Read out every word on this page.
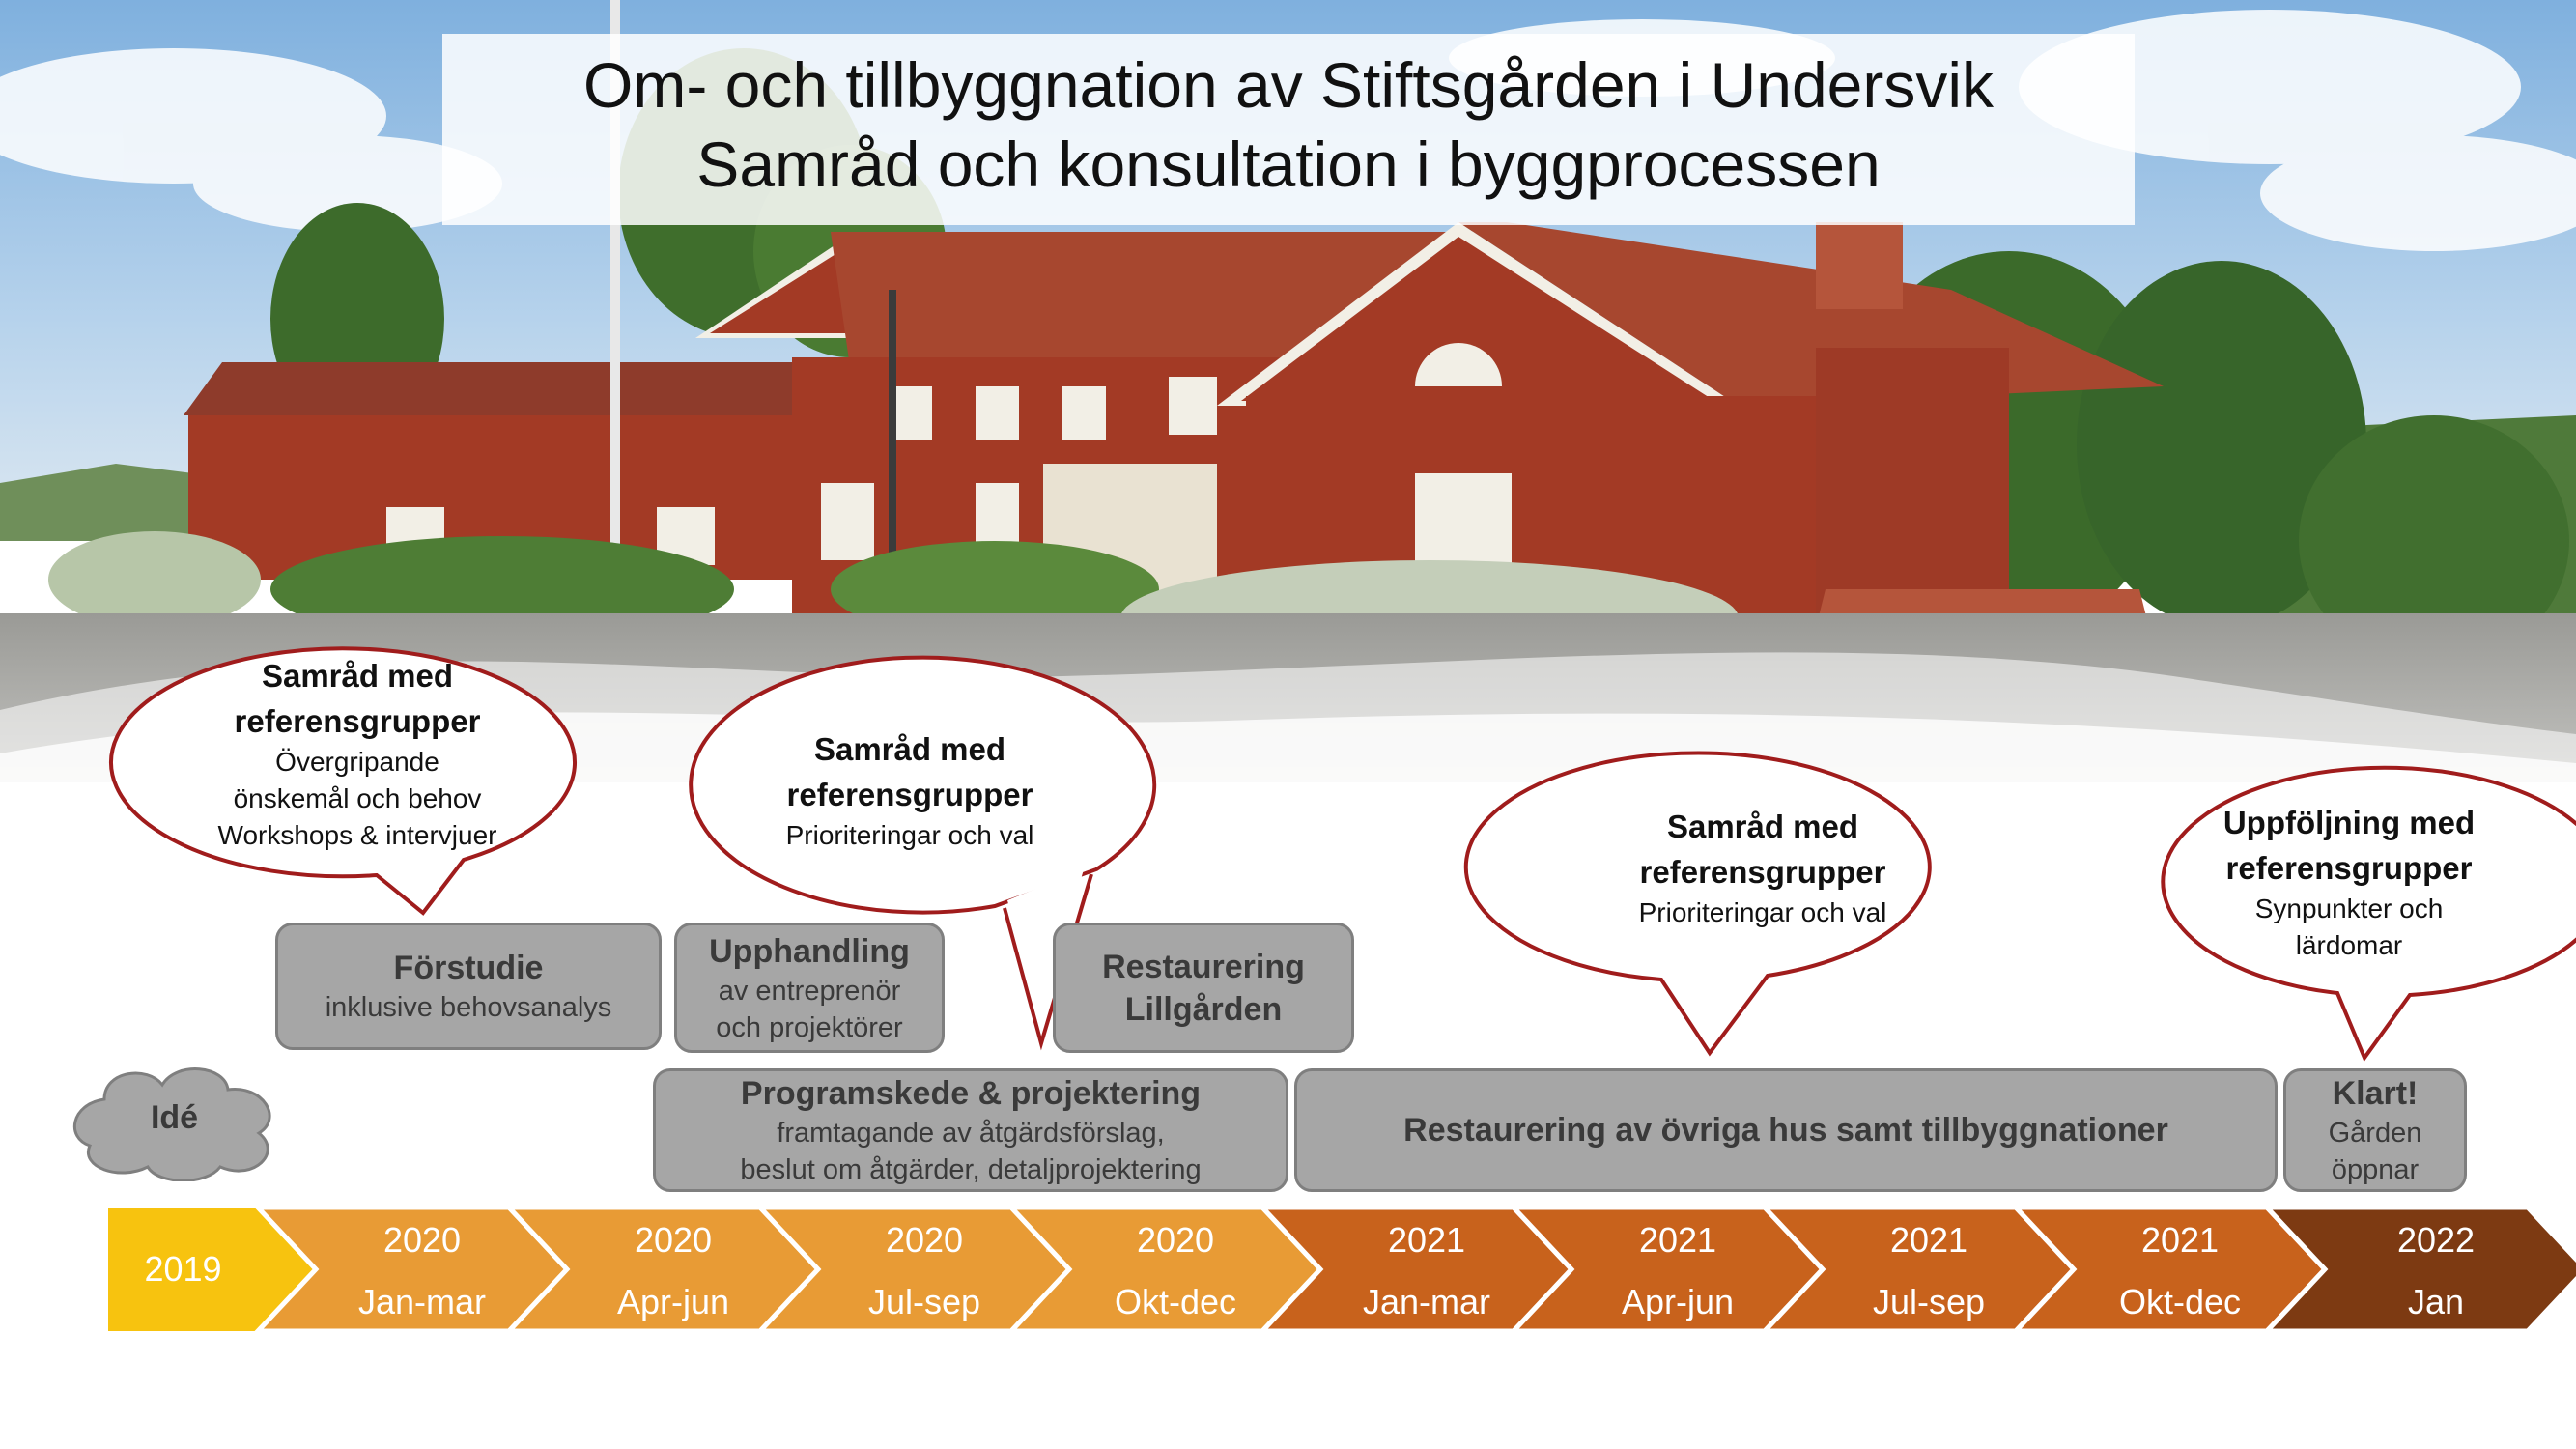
Om- och tillbyggnation av Stiftsgården i Undersvik
Samråd och konsultation i byggprocessen
Samråd med
referensgrupper
Övergripande
önskemål och behov
Workshops & intervjuer
Samråd med
referensgrupper
Prioriteringar och val	Samråd med
referensgrupper
Prioriteringar och val
Uppföljning med
referensgrupper
Synpunkter och
lärdomar
Idé
Förstudie
inklusive behovsanalys
Upphandling
av entreprenör
och projektörer
Restaurering
Lillgården
Programskede & projektering
framtagande av åtgärdsförslag,
beslut om åtgärder, detaljprojektering
Restaurering av övriga hus samt tillbyggnationer
Klart!
Gården
öppnar
2019
2020
Jan-mar
2020
Apr-jun
2020
Jul-sep
2020
Okt-dec
2021
Jan-mar
2021
Apr-jun
2021
Jul-sep
2021
Okt-dec
2022
Jan
